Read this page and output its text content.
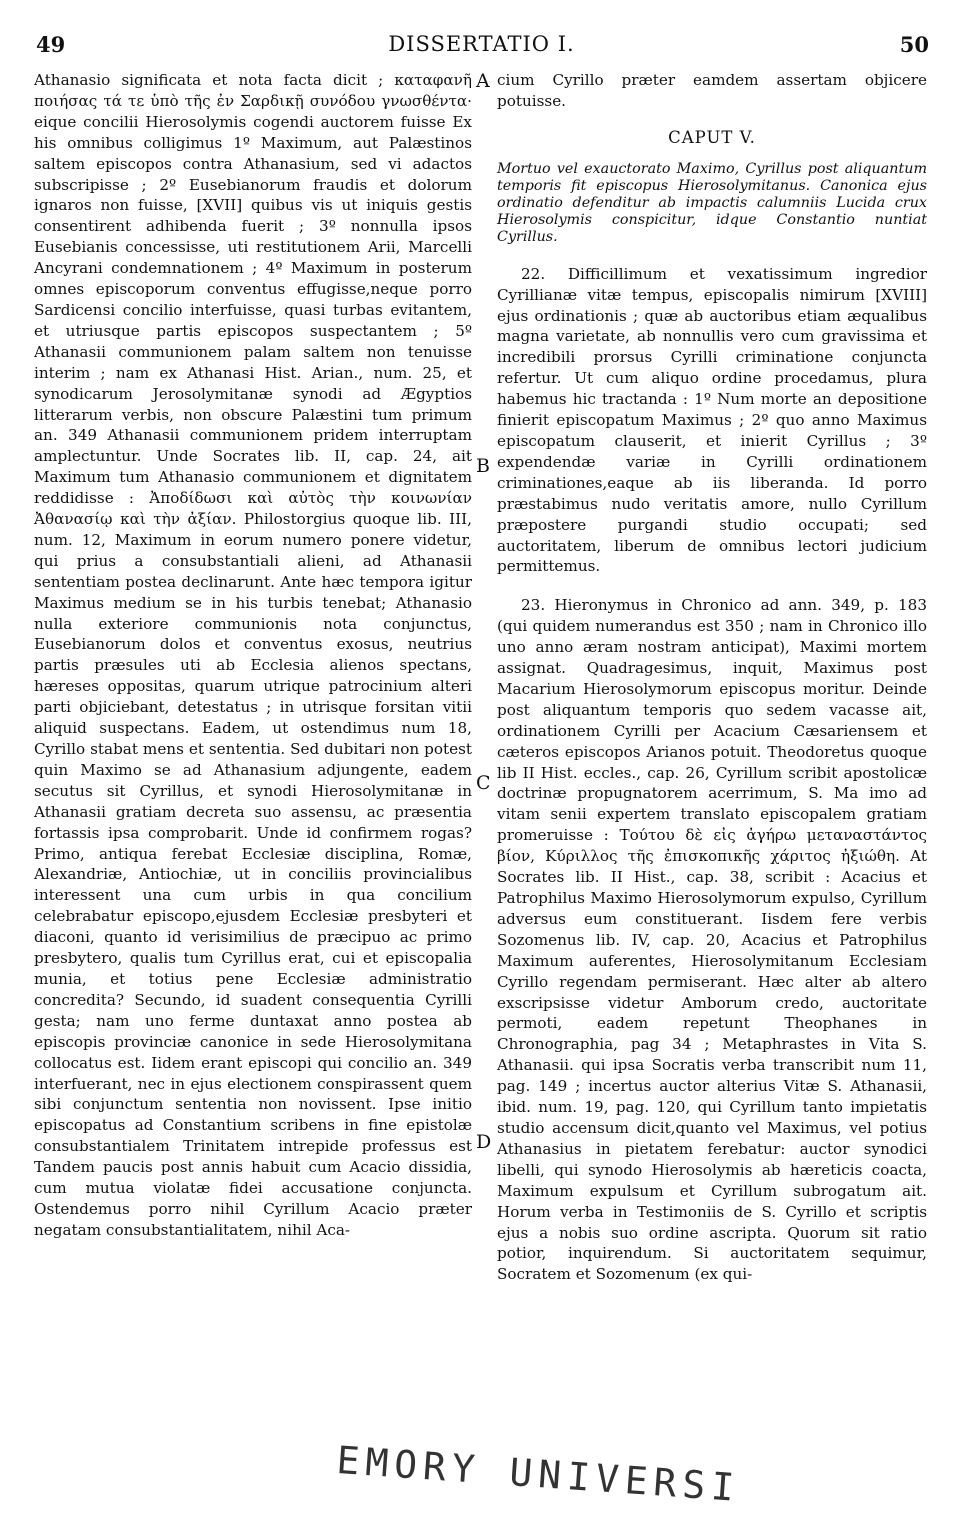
49	DISSERTATIO I.	50

Athanasio significata et nota facta dicit ; καταφανῆ ποιήσας τά τε ὑπὸ τῆς ἐν Σαρδικῇ συνόδου γνωσθέντα· eique concilii Hierosolymis cogendi auctorem fuisse Ex his omnibus colligimus 1º Maximum, aut Palæstinos saltem episcopos contra Athanasium, sed vi adactos subscripisse ; 2º Eusebianorum fraudis et dolorum ignaros non fuisse, [XVII] quibus vis ut iniquis gestis consentirent adhibenda fuerit ; 3º nonnulla ipsos Eusebianis concessisse, uti restitutionem Arii, Marcelli Ancyrani condemnationem ; 4º Maximum in posterum omnes episcoporum conventus effugisse,neque porro Sardicensi concilio interfuisse, quasi turbas evitantem, et utriusque partis episcopos suspectantem ; 5º Athanasii communionem palam saltem non tenuisse interim ; nam ex Athanasi Hist. Arian., num. 25, et synodicarum Jerosolymitanæ synodi ad Ægyptios litterarum verbis, non obscure Palæstini tum primum an. 349 Athanasii communionem pridem interruptam amplectuntur. Unde Socrates lib. II, cap. 24, ait Maximum tum Athanasio communionem et dignitatem reddidisse : Ἀποδίδωσι καὶ αὐτὸς τὴν κοινωνίαν Ἀθανασίῳ καὶ τὴν ἀξίαν. Philostorgius quoque lib. III, num. 12, Maximum in eorum numero ponere videtur, qui prius a consubstantiali alieni, ad Athanasii sententiam postea declinarunt. Ante hæc tempora igitur Maximus medium se in his turbis tenebat; Athanasio nulla exteriore communionis nota conjunctus, Eusebianorum dolos et conventus exosus, neutrius partis præsules uti ab Ecclesia alienos spectans, hæreses oppositas, quarum utrique patrocinium alteri parti objiciebant, detestatus ; in utrisque forsitan vitii aliquid suspectans. Eadem, ut ostendimus num 18, Cyrillo stabat mens et sententia. Sed dubitari non potest quin Maximo se ad Athanasium adjungente, eadem secutus sit Cyrillus, et synodi Hierosolymitanæ in Athanasii gratiam decreta suo assensu, ac præsentia fortassis ipsa comprobarit. Unde id confirmem rogas? Primo, antiqua ferebat Ecclesiæ disciplina, Romæ, Alexandriæ, Antiochiæ, ut in conciliis provincialibus interessent una cum urbis in qua concilium celebrabatur episcopo,ejusdem Ecclesiæ presbyteri et diaconi, quanto id verisimilius de præcipuo ac primo presbytero, qualis tum Cyrillus erat, cui et episcopalia munia, et totius pene Ecclesiæ administratio concredita? Secundo, id suadent consequentia Cyrilli gesta; nam uno ferme duntaxat anno postea ab episcopis provinciæ canonice in sede Hierosolymitana collocatus est. Iidem erant episcopi qui concilio an. 349 interfuerant, nec in ejus electionem conspirassent quem sibi conjunctum sententia non novissent. Ipse initio episcopatus ad Constantium scribens in fine epistolæ consubstantialem Trinitatem intrepide professus est Tandem paucis post annis habuit cum Acacio dissidia, cum mutua violatæ fidei accusatione conjuncta. Ostendemus porro nihil Cyrillum Acacio præter negatam consubstantialitatem, nihil Aca-

A
B
C
D

cium Cyrillo præter eamdem assertam objicere potuisse.

CAPUT V.

Mortuo vel exauctorato Maximo, Cyrillus post aliquantum temporis fit episcopus Hierosolymitanus. Canonica ejus ordinatio defenditur ab impactis calumniis Lucida crux Hierosolymis conspicitur, idque Constantio nuntiat Cyrillus.

22. Difficillimum et vexatissimum ingredior Cyrillianæ vitæ tempus, episcopalis nimirum [XVIII] ejus ordinationis ; quæ ab auctoribus etiam æqualibus magna varietate, ab nonnullis vero cum gravissima et incredibili prorsus Cyrilli criminatione conjuncta refertur. Ut cum aliquo ordine procedamus, plura habemus hic tractanda : 1º Num morte an depositione finierit episcopatum Maximus ; 2º quo anno Maximus episcopatum clauserit, et inierit Cyrillus ; 3º expendendæ variæ in Cyrilli ordinationem criminationes,eaque ab iis liberanda. Id porro præstabimus nudo veritatis amore, nullo Cyrillum præpostere purgandi studio occupati; sed auctoritatem, liberum de omnibus lectori judicium permittemus.

23. Hieronymus in Chronico ad ann. 349, p. 183 (qui quidem numerandus est 350 ; nam in Chronico illo uno anno æram nostram anticipat), Maximi mortem assignat. Quadragesimus, inquit, Maximus post Macarium Hierosolymorum episcopus moritur. Deinde post aliquantum temporis quo sedem vacasse ait, ordinationem Cyrilli per Acacium Cæsariensem et cæteros episcopos Arianos potuit. Theodoretus quoque lib II Hist. eccles., cap. 26, Cyrillum scribit apostolicæ doctrinæ propugnatorem acerrimum, S. Ma imo ad vitam senii expertem translato episcopalem gratiam promeruisse : Τούτου δὲ εἰς ἀγήρω μεταναστάντος βίον, Κύριλλος τῆς ἐπισκοπικῆς χάριτος ἠξιώθη. At Socrates lib. II Hist., cap. 38, scribit : Acacius et Patrophilus Maximo Hierosolymorum expulso, Cyrillum adversus eum constituerant. Iisdem fere verbis Sozomenus lib. IV, cap. 20, Acacius et Patrophilus Maximum auferentes, Hierosolymitanum Ecclesiam Cyrillo regendam permiserant. Hæc alter ab altero exscripsisse videtur Amborum credo, auctoritate permoti, eadem repetunt Theophanes in Chronographia, pag 34 ; Metaphrastes in Vita S. Athanasii. qui ipsa Socratis verba transcribit num 11, pag. 149 ; incertus auctor alterius Vitæ S. Athanasii, ibid. num. 19, pag. 120, qui Cyrillum tanto impietatis studio accensum dicit,quanto vel Maximus, vel potius Athanasius in pietatem ferebatur: auctor synodici libelli, qui synodo Hierosolymis ab hæreticis coacta, Maximum expulsum et Cyrillum subrogatum ait. Horum verba in Testimoniis de S. Cyrillo et scriptis ejus a nobis suo ordine ascripta. Quorum sit ratio potior, inquirendum. Si auctoritatem sequimur, Socratem et Sozomenum (ex qui-

EMORY UNIVERSI
